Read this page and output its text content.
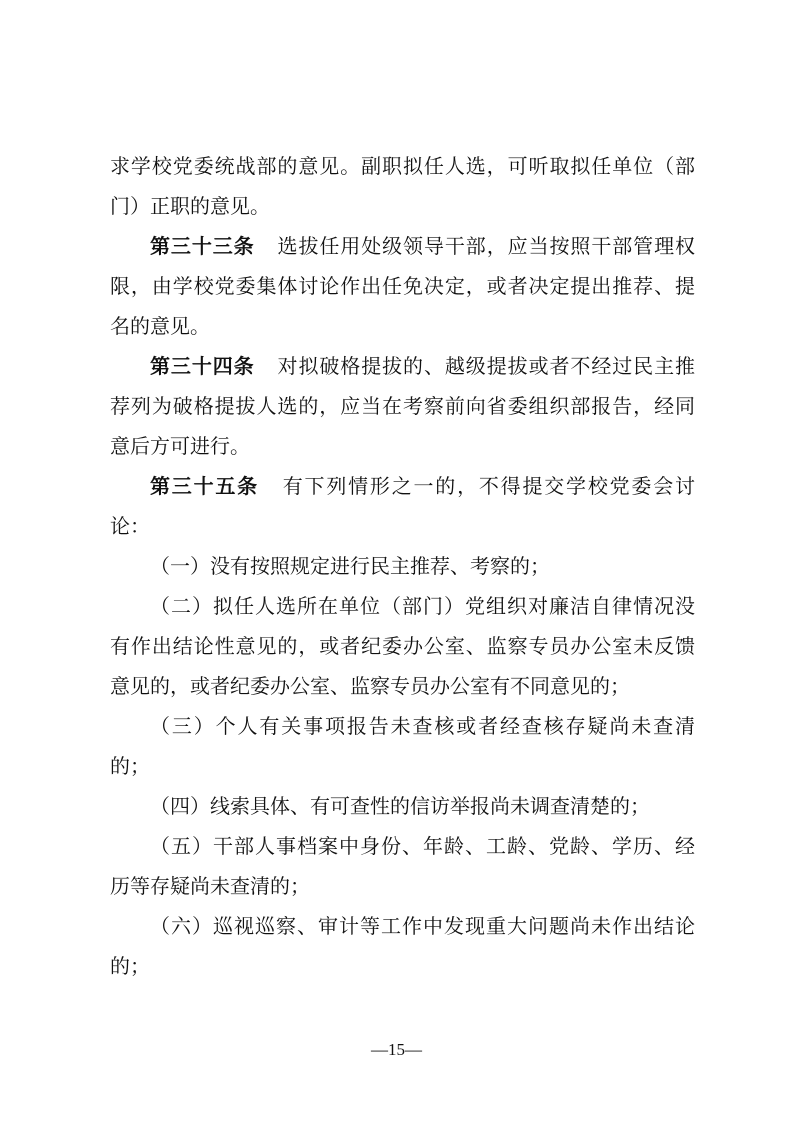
求学校党委统战部的意见。副职拟任人选，可听取拟任单位（部
门）正职的意见。
第三十三条 选拔任用处级领导干部，应当按照干部管理权
限，由学校党委集体讨论作出任免决定，或者决定提出推荐、提
名的意见。
第三十四条 对拟破格提拔的、越级提拔或者不经过民主推
荐列为破格提拔人选的，应当在考察前向省委组织部报告，经同
意后方可进行。
第三十五条 有下列情形之一的，不得提交学校党委会讨
论：
（一）没有按照规定进行民主推荐、考察的；
（二）拟任人选所在单位（部门）党组织对廉洁自律情况没
有作出结论性意见的，或者纪委办公室、监察专员办公室未反馈
意见的，或者纪委办公室、监察专员办公室有不同意见的；
（三）个人有关事项报告未查核或者经查核存疑尚未查清
的；
（四）线索具体、有可查性的信访举报尚未调查清楚的；
（五）干部人事档案中身份、年龄、工龄、党龄、学历、经
历等存疑尚未查清的；
（六）巡视巡察、审计等工作中发现重大问题尚未作出结论
的；
—15—
